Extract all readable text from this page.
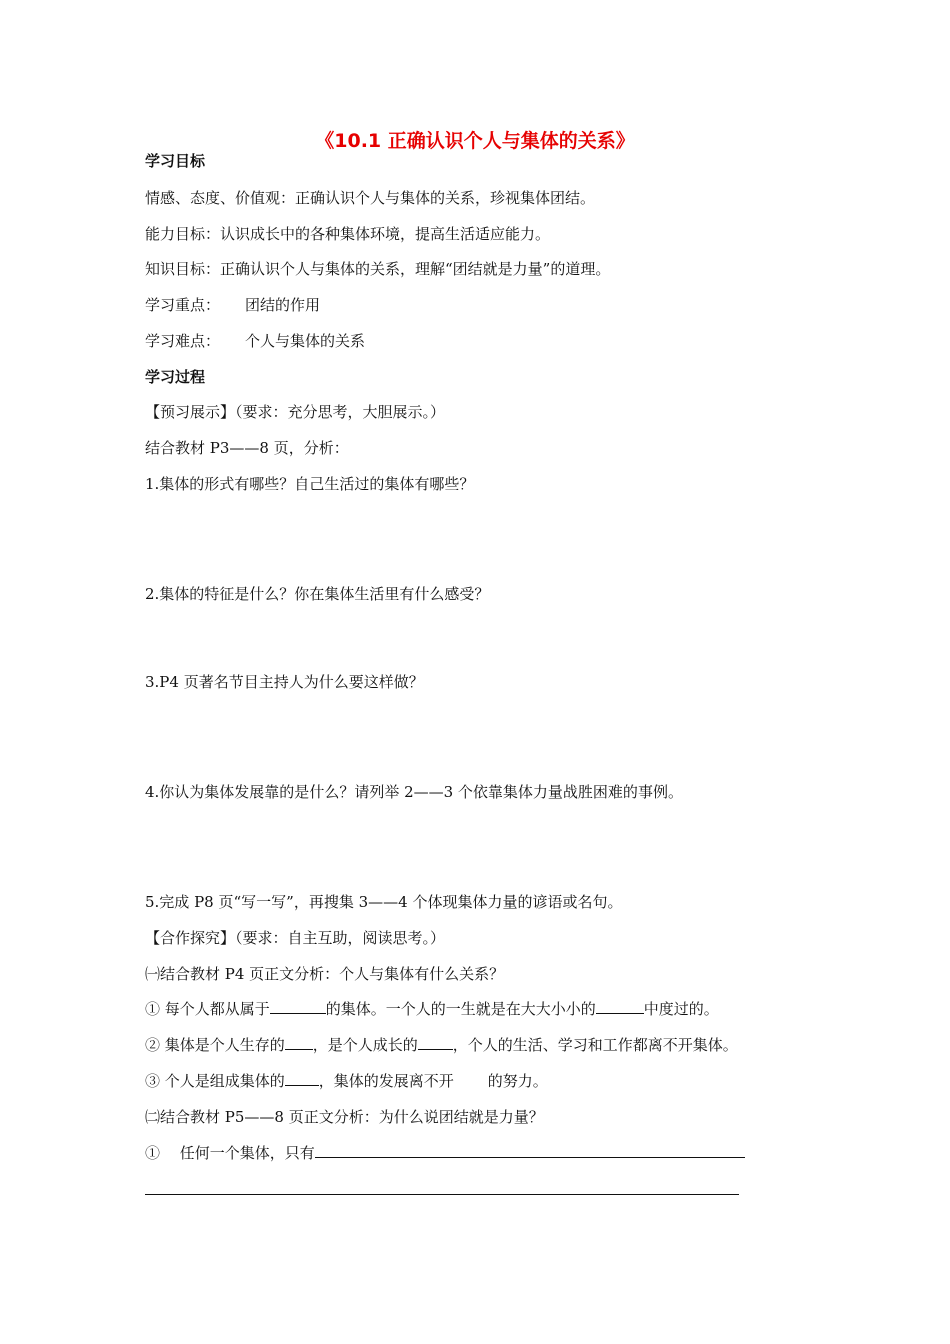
《10.1 正确认识个人与集体的关系》
学习目标
情感、态度、价值观：正确认识个人与集体的关系，珍视集体团结。
能力目标：认识成长中的各种集体环境，提高生活适应能力。
知识目标：正确认识个人与集体的关系，理解“团结就是力量”的道理。
学习重点： 团结的作用
学习难点： 个人与集体的关系
学习过程
【预习展示】（要求：充分思考，大胆展示。）
结合教材 P3——8 页，分析：
1.集体的形式有哪些？自己生活过的集体有哪些？
2.集体的特征是什么？你在集体生活里有什么感受？
3.P4 页著名节目主持人为什么要这样做？
4.你认为集体发展靠的是什么？请列举 2——3 个依靠集体力量战胜困难的事例。
5.完成 P8 页“写一写”，再搜集 3——4 个体现集体力量的谚语或名句。
【合作探究】（要求：自主互助，阅读思考。）
㈠结合教材 P4 页正文分析：个人与集体有什么关系？
① 每个人都从属于	的集体。一个人的一生就是在大大小小的	中度过的。
② 集体是个人生存的 ，是个人成长的 ，个人的生活、学习和工作都离不开集体。
③ 个人是组成集体的 ，集体的发展离不开 的努力。
㈡结合教材 P5——8 页正文分析：为什么说团结就是力量？
①　 任何一个集体，只有
